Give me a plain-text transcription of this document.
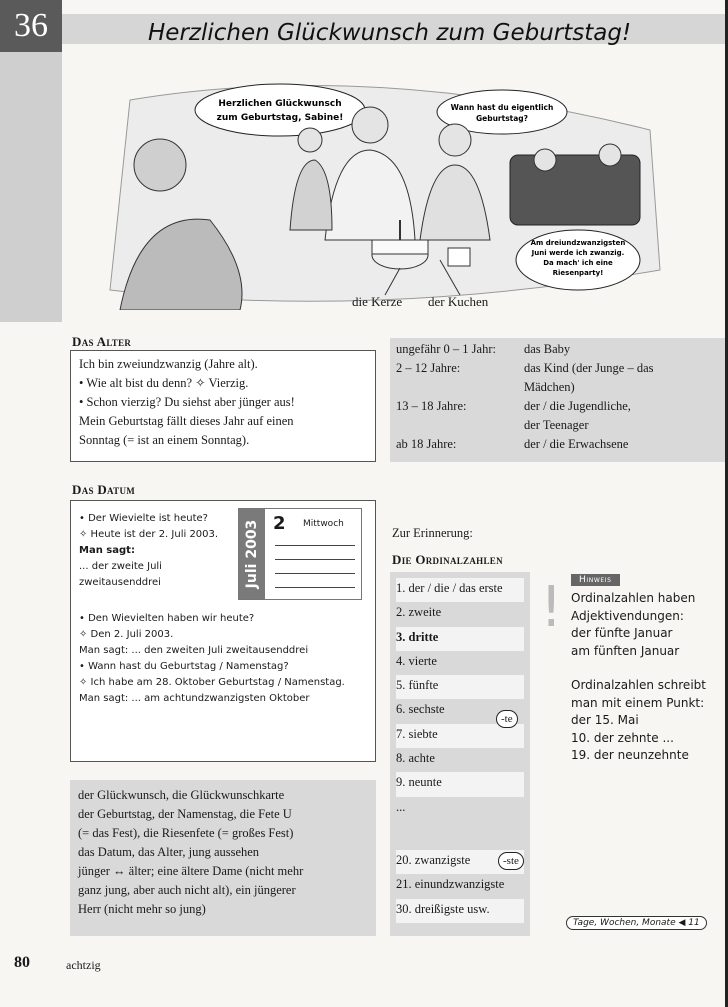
36	Herzlichen Glückwunsch zum Geburtstag!
Herzlichen Glückwunsch
zum Geburtstag, Sabine!
Wann hast du eigentlich
Geburtstag?
Am dreiundzwanzigsten
Juni werde ich zwanzig.
Da mach' ich eine
Riesenparty!
die Kerze der Kuchen
Das Alter
Ich bin zweiundzwanzig (Jahre alt).
• Wie alt bist du denn? ✧ Vierzig.
• Schon vierzig? Du siehst aber jünger aus!
Mein Geburtstag fällt dieses Jahr auf einen
Sonntag (= ist an einem Sonntag).
ungefähr 0 – 1 Jahr:	das Baby
2 – 12 Jahre:	das Kind (der Junge – das
Mädchen)
13 – 18 Jahre:	der / die Jugendliche,
der Teenager
ab 18 Jahre:	der / die Erwachsene
Das Datum
• Der Wievielte ist heute?
✧ Heute ist der 2. Juli 2003.
Man sagt:
... der zweite Juli
zweitausenddrei
• Den Wievielten haben wir heute?
✧ Den 2. Juli 2003.
Man sagt: ... den zweiten Juli zweitausenddrei
• Wann hast du Geburtstag / Namenstag?
✧ Ich habe am 28. Oktober Geburtstag / Namenstag.
Man sagt: ... am achtundzwanzigsten Oktober
Juli 2003 2 Mittwoch
der Glückwunsch, die Glückwunschkarte
der Geburtstag, der Namenstag, die Fete U
(= das Fest), die Riesenfete (= großes Fest)
das Datum, das Alter, jung aussehen
jünger ↔ älter; eine ältere Dame (nicht mehr
ganz jung, aber auch nicht alt), ein jüngerer
Herr (nicht mehr so jung)
Zur Erinnerung:
Die Ordinalzahlen
1. der / die / das erste
2. zweite
3. dritte
4. vierte
5. fünfte
6. sechste
7. siebte
8. achte
9. neunte
...
-te
20. zwanzigste
21. einundzwanzigste
30. dreißigste usw.
-ste
!	Hinweis
Ordinalzahlen haben
Adjektivendungen:
der fünfte Januar
am fünften Januar
Ordinalzahlen schreibt
man mit einem Punkt:
der 15. Mai
10. der zehnte ...
19. der neunzehnte
Tage, Wochen, Monate ◀ 11
80	achtzig
